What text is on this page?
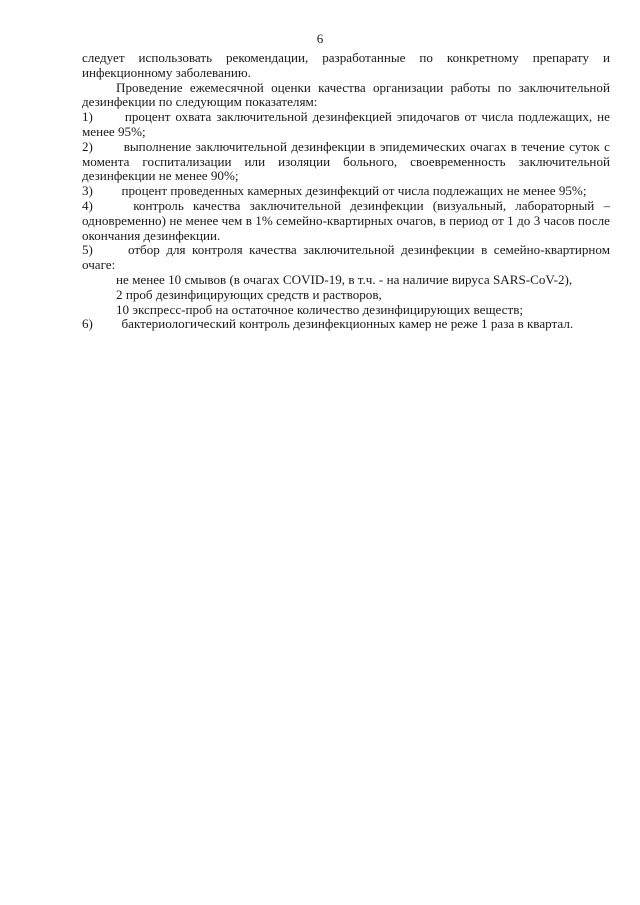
6

следует использовать рекомендации, разработанные по конкретному препарату и инфекционному заболеванию.

Проведение ежемесячной оценки качества организации работы по заключительной дезинфекции по следующим показателям:

1) процент охвата заключительной дезинфекцией эпидочагов от числа подлежащих, не менее 95%;

2) выполнение заключительной дезинфекции в эпидемических очагах в течение суток с момента госпитализации или изоляции больного, своевременность заключительной дезинфекции не менее 90%;

3) процент проведенных камерных дезинфекций от числа подлежащих не менее 95%;

4)	контроль качества заключительной дезинфекции (визуальный, лабораторный – одновременно) не менее чем в 1% семейно-квартирных очагов, в период от 1 до 3 часов после окончания дезинфекции.

5)	отбор для контроля качества заключительной дезинфекции в семейно-квартирном очаге:

не менее 10 смывов (в очагах COVID-19, в т.ч. - на наличие вируса SARS-CoV-2),

2 проб дезинфицирующих средств и растворов,

10 экспресс-проб на остаточное количество дезинфицирующих веществ;

6) бактериологический контроль дезинфекционных камер не реже 1 раза в квартал.
